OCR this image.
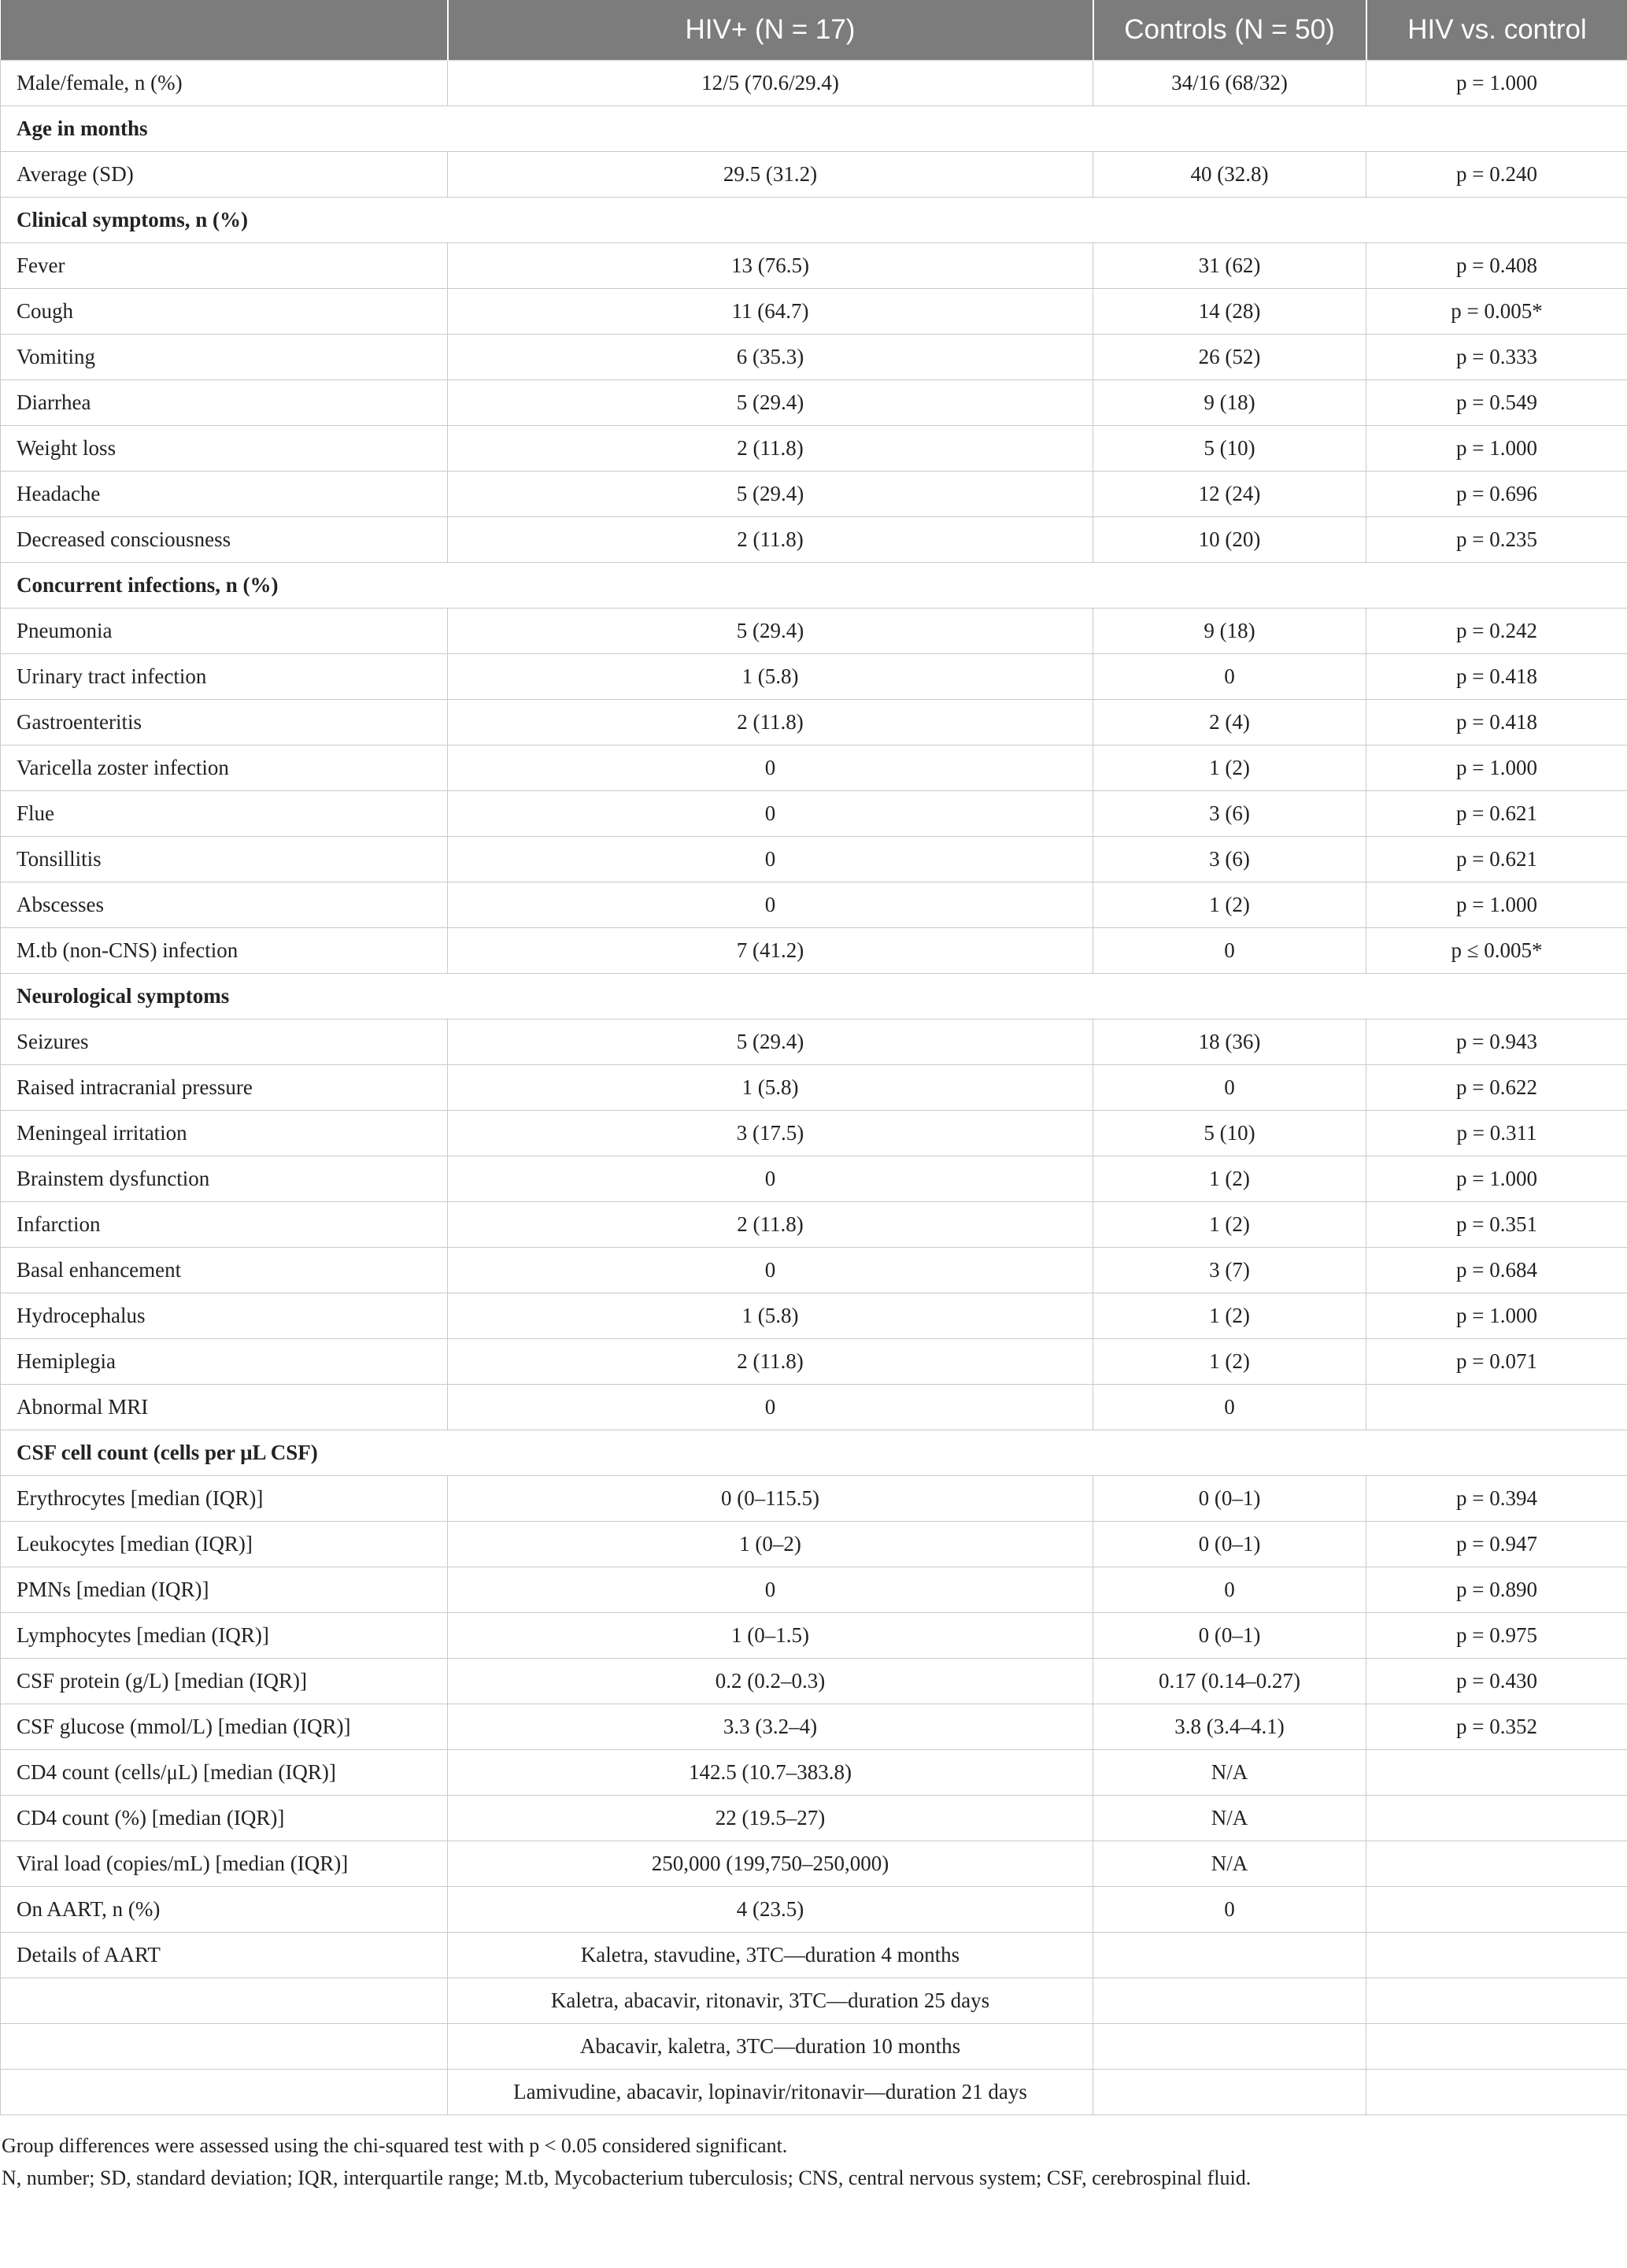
	HIV+ (N = 17)	Controls (N = 50)	HIV vs. control
Male/female, n (%)	12/5 (70.6/29.4)	34/16 (68/32)	p = 1.000
Age in months			
Average (SD)	29.5 (31.2)	40 (32.8)	p = 0.240
Clinical symptoms, n (%)			
Fever	13 (76.5)	31 (62)	p = 0.408
Cough	11 (64.7)	14 (28)	p = 0.005*
Vomiting	6 (35.3)	26 (52)	p = 0.333
Diarrhea	5 (29.4)	9 (18)	p = 0.549
Weight loss	2 (11.8)	5 (10)	p = 1.000
Headache	5 (29.4)	12 (24)	p = 0.696
Decreased consciousness	2 (11.8)	10 (20)	p = 0.235
Concurrent infections, n (%)			
Pneumonia	5 (29.4)	9 (18)	p = 0.242
Urinary tract infection	1 (5.8)	0	p = 0.418
Gastroenteritis	2 (11.8)	2 (4)	p = 0.418
Varicella zoster infection	0	1 (2)	p = 1.000
Flue	0	3 (6)	p = 0.621
Tonsillitis	0	3 (6)	p = 0.621
Abscesses	0	1 (2)	p = 1.000
M.tb (non-CNS) infection	7 (41.2)	0	p ≤ 0.005*
Neurological symptoms			
Seizures	5 (29.4)	18 (36)	p = 0.943
Raised intracranial pressure	1 (5.8)	0	p = 0.622
Meningeal irritation	3 (17.5)	5 (10)	p = 0.311
Brainstem dysfunction	0	1 (2)	p = 1.000
Infarction	2 (11.8)	1 (2)	p = 0.351
Basal enhancement	0	3 (7)	p = 0.684
Hydrocephalus	1 (5.8)	1 (2)	p = 1.000
Hemiplegia	2 (11.8)	1 (2)	p = 0.071
Abnormal MRI	0	0	
CSF cell count (cells per μL CSF)			
Erythrocytes [median (IQR)]	0 (0–115.5)	0 (0–1)	p = 0.394
Leukocytes [median (IQR)]	1 (0–2)	0 (0–1)	p = 0.947
PMNs [median (IQR)]	0	0	p = 0.890
Lymphocytes [median (IQR)]	1 (0–1.5)	0 (0–1)	p = 0.975
CSF protein (g/L) [median (IQR)]	0.2 (0.2–0.3)	0.17 (0.14–0.27)	p = 0.430
CSF glucose (mmol/L) [median (IQR)]	3.3 (3.2–4)	3.8 (3.4–4.1)	p = 0.352
CD4 count (cells/μL) [median (IQR)]	142.5 (10.7–383.8)	N/A	
CD4 count (%) [median (IQR)]	22 (19.5–27)	N/A	
Viral load (copies/mL) [median (IQR)]	250,000 (199,750–250,000)	N/A	
On AART, n (%)	4 (23.5)	0	
Details of AART	Kaletra, stavudine, 3TC—duration 4 months		
	Kaletra, abacavir, ritonavir, 3TC—duration 25 days		
	Abacavir, kaletra, 3TC—duration 10 months		
	Lamivudine, abacavir, lopinavir/ritonavir—duration 21 days		
Group differences were assessed using the chi-squared test with p < 0.05 considered significant.
N, number; SD, standard deviation; IQR, interquartile range; M.tb, Mycobacterium tuberculosis; CNS, central nervous system; CSF, cerebrospinal fluid.
